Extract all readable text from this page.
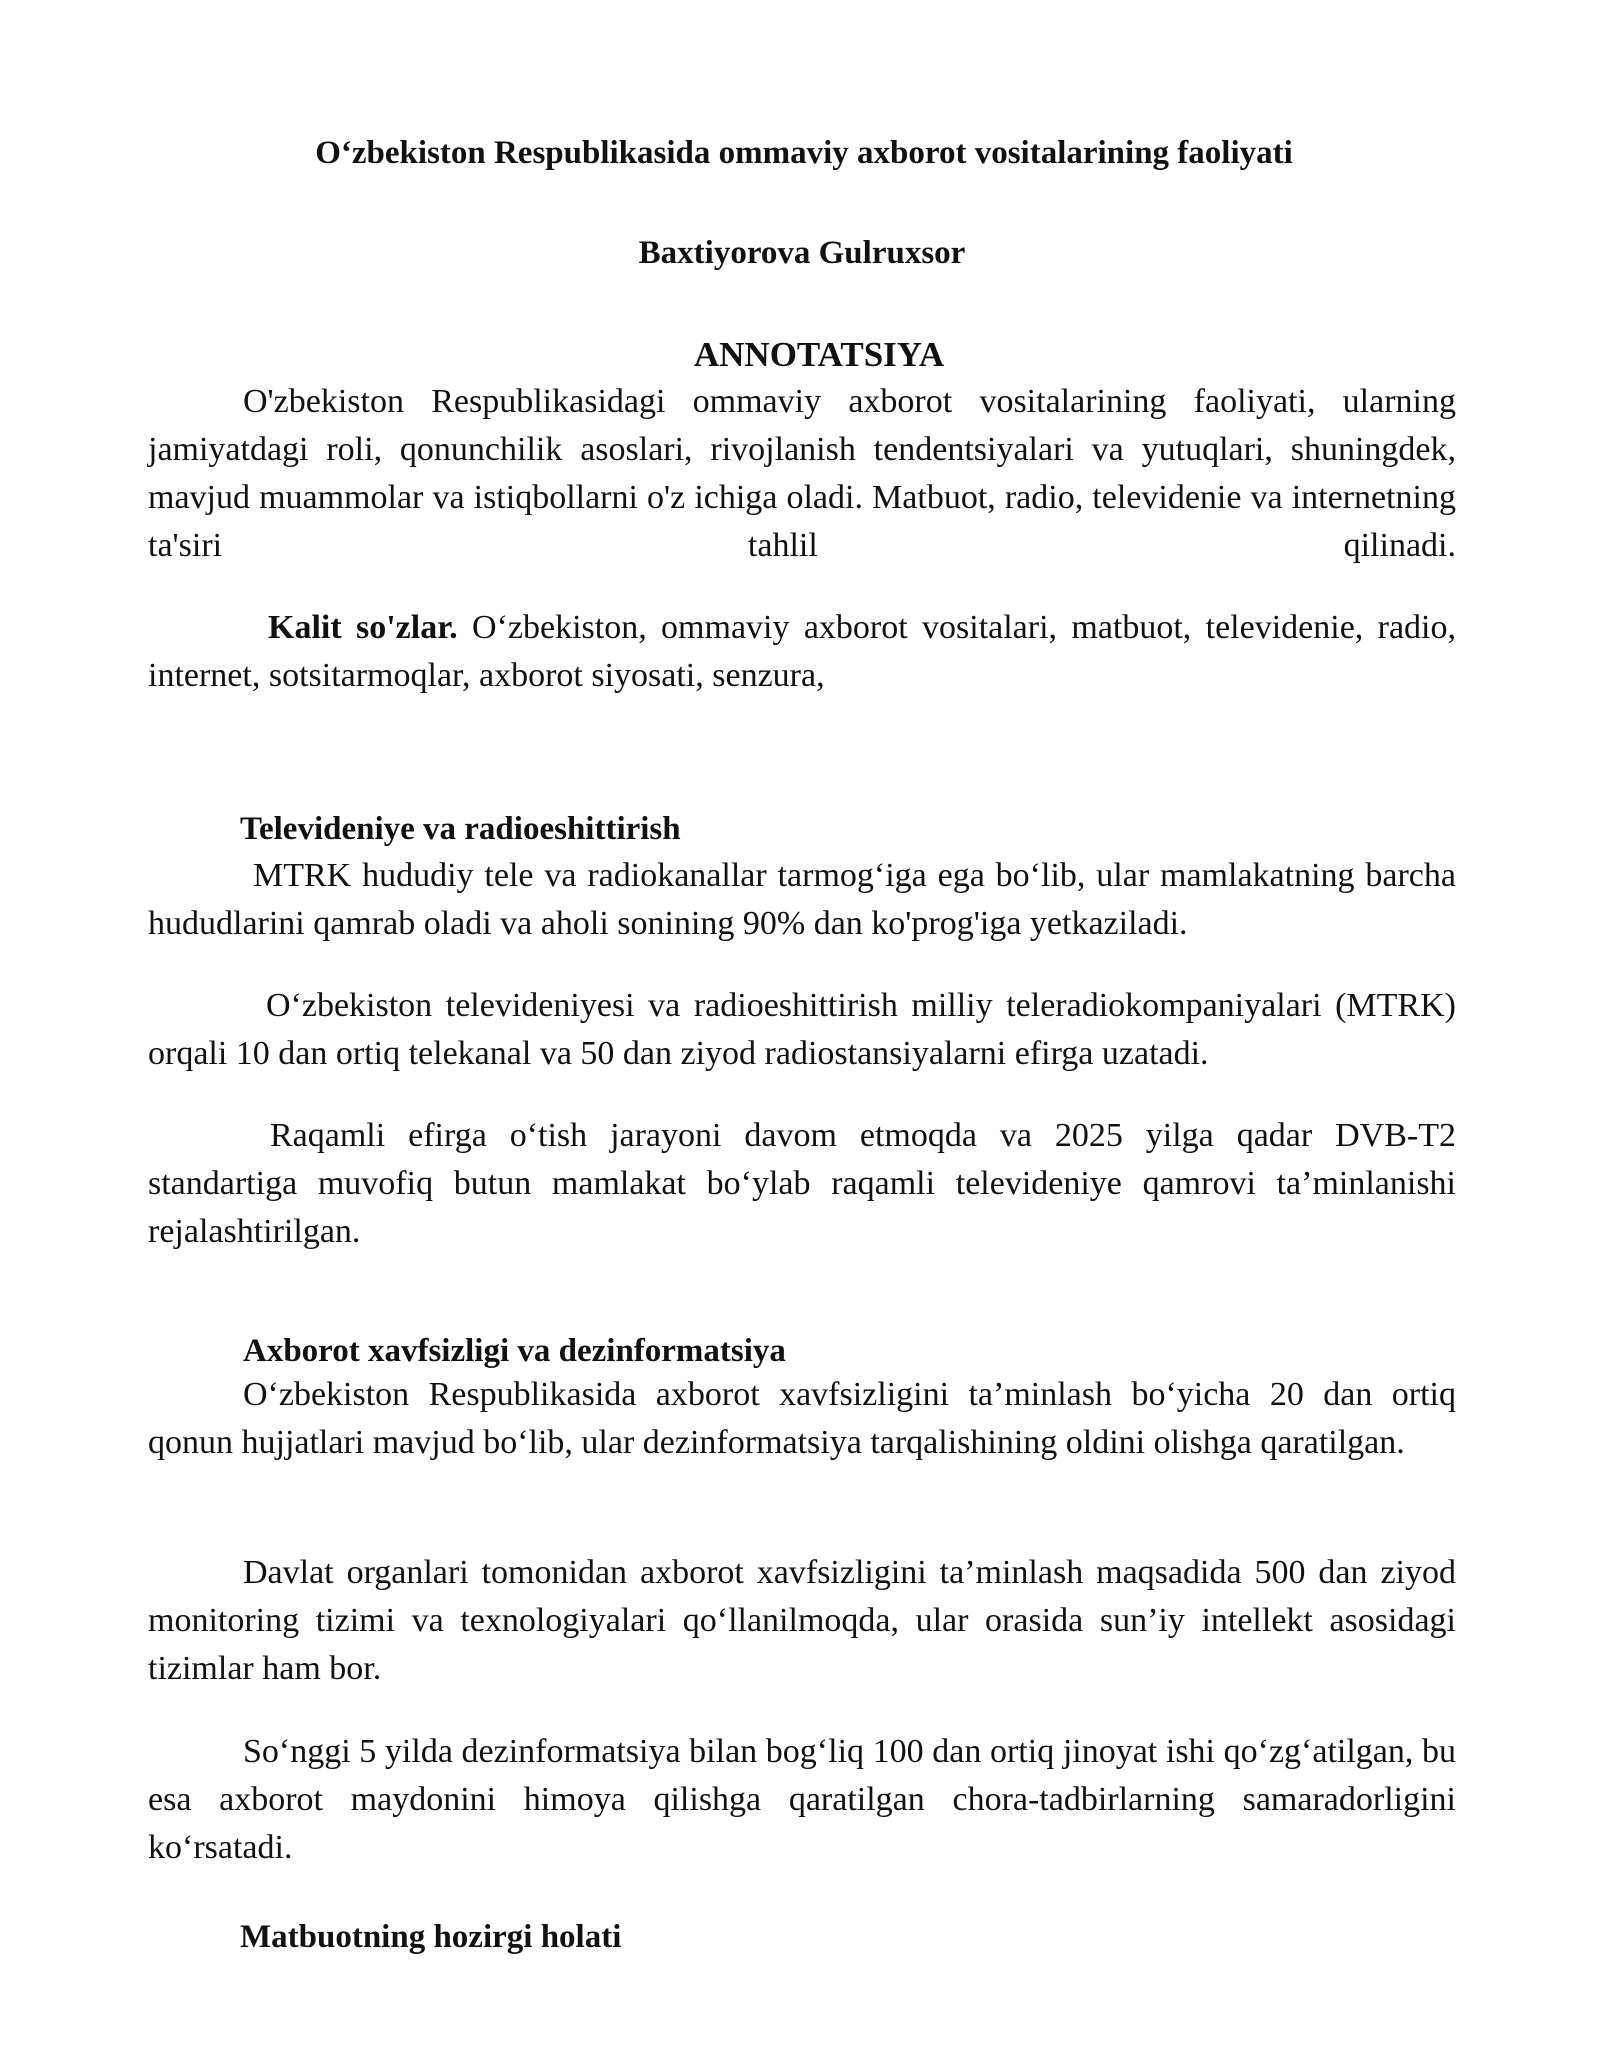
O‘zbekiston Respublikasida ommaviy axborot vositalarining faoliyati
Baxtiyorova Gulruxsor
ANNOTATSIYA

O'zbekiston Respublikasidagi ommaviy axborot vositalarining faoliyati, ularning jamiyatdagi roli, qonunchilik asoslari, rivojlanish tendentsiyalari va yutuqlari, shuningdek, mavjud muammolar va istiqbollarni o'z ichiga oladi. Matbuot, radio, televidenie va internetning ta'siri tahlil qilinadi.

Kalit so'zlar. O‘zbekiston, ommaviy axborot vositalari, matbuot, televidenie, radio, internet, sotsitarmoqlar, axborot siyosati, senzura,

Televideniye va radioeshittirish

MTRK hududiy tele va radiokanallar tarmog‘iga ega bo‘lib, ular mamlakatning barcha hududlarini qamrab oladi va aholi sonining 90% dan ko'prog'iga yetkaziladi.

O‘zbekiston televideniyesi va radioeshittirish milliy teleradiokompaniyalari (MTRK) orqali 10 dan ortiq telekanal va 50 dan ziyod radiostansiyalarni efirga uzatadi.

Raqamli efirga o‘tish jarayoni davom etmoqda va 2025 yilga qadar DVB-T2 standartiga muvofiq butun mamlakat bo‘ylab raqamli televideniye qamrovi ta’minlanishi rejalashtirilgan.

Axborot xavfsizligi va dezinformatsiya

O‘zbekiston Respublikasida axborot xavfsizligini ta’minlash bo‘yicha 20 dan ortiq qonun hujjatlari mavjud bo‘lib, ular dezinformatsiya tarqalishining oldini olishga qaratilgan.

Davlat organlari tomonidan axborot xavfsizligini ta’minlash maqsadida 500 dan ziyod monitoring tizimi va texnologiyalari qo‘llanilmoqda, ular orasida sun’iy intellekt asosidagi tizimlar ham bor.

So‘nggi 5 yilda dezinformatsiya bilan bog‘liq 100 dan ortiq jinoyat ishi qo‘zg‘atilgan, bu esa axborot maydonini himoya qilishga qaratilgan chora-tadbirlarning samaradorligini ko‘rsatadi.

Matbuotning hozirgi holati
